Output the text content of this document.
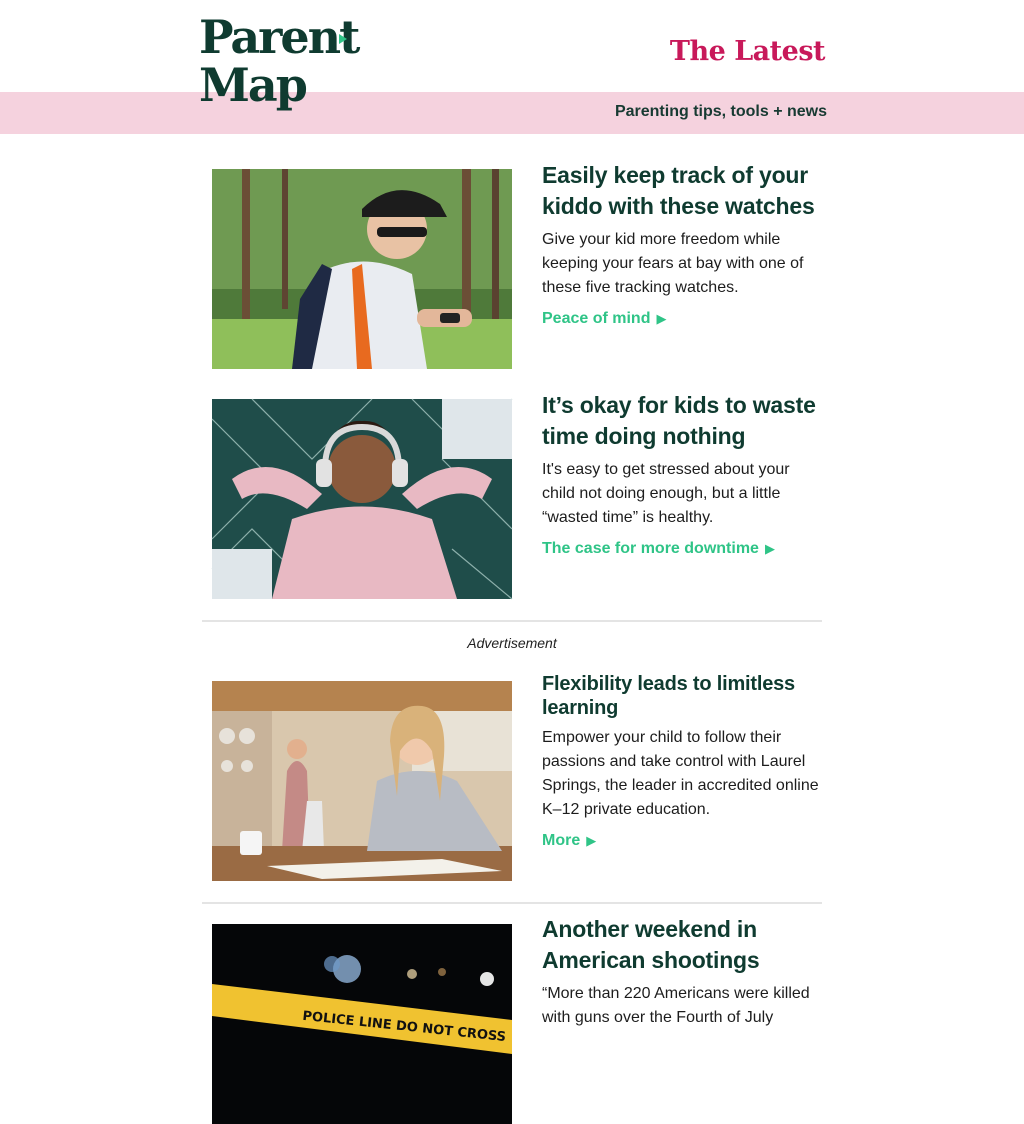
Parent
Map
The Latest
Parenting tips, tools + news
Easily keep track of your kiddo with these watches
Give your kid more freedom while keeping your fears at bay with one of these five tracking watches.
Peace of mind ▶
It’s okay for kids to waste time doing nothing
It's easy to get stressed about your child not doing enough, but a little “wasted time” is healthy.
The case for more downtime ▶
Advertisement
Flexibility leads to limitless learning
Empower your child to follow their passions and take control with Laurel Springs, the leader in accredited online K–12 private education.
More ▶
POLICE LINE DO NOT CROSS
Another weekend in American shootings
“More than 220 Americans were killed with guns over the Fourth of July
